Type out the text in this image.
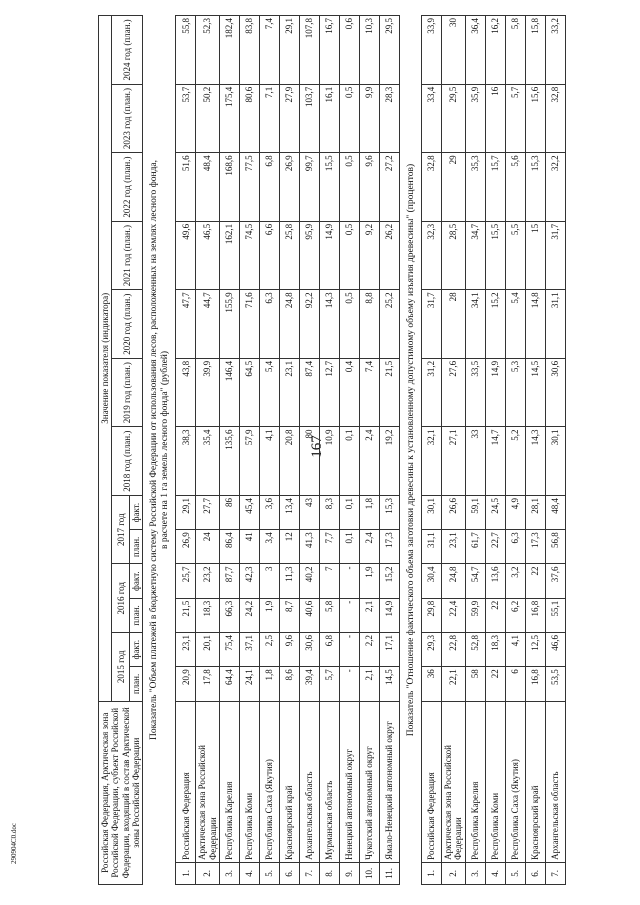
167
290904C0.doc	Российская Федерация, Арктическая зона Российской Федерации, субъект Российской Федерации, входящий в состав Арктической зоны Российской Федерации		Значение показателя (индикатора)												
		2015 год		2016 год		2017 год		2018 год (план.)	2019 год (план.)	2020 год (план.)	2021 год (план.)	2022 год (план.)	2023 год (план.)	2024 год (план.)
		план.	факт.	план.	факт.	план.	факт.							

Показатель "Объем платежей в бюджетную систему Российской Федерации от использования лесов, расположенных на землях лесного фонда, в расчете на 1 га земель лесного фонда" (рублей)														

1.	Российская Федерация	20,9	23,1	21,5	25,7	26,9	29,1	38,3	43,8	47,7	49,6	51,6	53,7	55,8
2.	Арктическая зона Российской Федерации	17,8	20,1	18,3	23,2	24	27,7	35,4	39,9	44,7	46,5	48,4	50,2	52,3
3.	Республика Карелия	64,4	75,4	66,3	87,7	86,4	86	135,6	146,4	155,9	162,1	168,6	175,4	182,4
4.	Республика Коми	24,1	37,1	24,2	42,3	41	45,4	57,9	64,5	71,6	74,5	77,5	80,6	83,8
5.	Республика Саха (Якутия)	1,8	2,5	1,9	3	3,4	3,6	4,1	5,4	6,3	6,6	6,8	7,1	7,4
6.	Красноярский край	8,6	9,6	8,7	11,3	12	13,4	20,8	23,1	24,8	25,8	26,9	27,9	29,1
7.	Архангельская область	39,4	30,6	40,6	40,2	41,3	43	80	87,4	92,2	95,9	99,7	103,7	107,8
8.	Мурманская область	5,7	6,8	5,8	7	7,7	8,3	10,9	12,7	14,3	14,9	15,5	16,1	16,7
9.	Ненецкий автономный округ	-	-	-	-	0,1	0,1	0,1	0,4	0,5	0,5	0,5	0,5	0,6
10.	Чукотский автономный округ	2,1	2,2	2,1	1,9	2,4	1,8	2,4	7,4	8,8	9,2	9,6	9,9	10,3
11.	Ямало-Ненецкий автономный округ	14,5	17,1	14,9	15,2	17,3	15,3	19,2	21,5	25,2	26,2	27,2	28,3	29,5
Показатель "Отношение фактического объема заготовки древесины к установленному допустимому объему изъятия древесины" (процентов)														
1.	Российская Федерация	36	29,3	29,8	30,4	31,1	30,1	32,1	31,2	31,7	32,3	32,8	33,4	33,9
2.	Арктическая зона Российской Федерации	22,1	22,8	22,4	24,8	23,1	26,6	27,1	27,6	28	28,5	29	29,5	30
3.	Республика Карелия	58	52,8	59,9	54,7	61,7	59,1	33	33,5	34,1	34,7	35,3	35,9	36,4
4.	Республика Коми	22	18,3	22	13,6	22,7	24,5	14,7	14,9	15,2	15,5	15,7	16	16,2
5.	Республика Саха (Якутия)	6	4,1	6,2	3,2	6,3	4,9	5,2	5,3	5,4	5,5	5,6	5,7	5,8
6.	Красноярский край	16,8	12,5	16,8	22	17,3	28,1	14,3	14,5	14,8	15	15,3	15,6	15,8
7.	Архангельская область	53,5	46,6	55,1	37,6	56,8	48,4	30,1	30,6	31,1	31,7	32,2	32,8	33,2
